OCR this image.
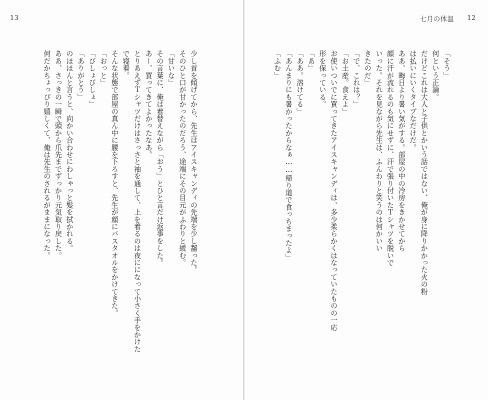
13
少し首を傾げてから、先生はアイスキャンディの先端を少し齧った。
そのひと口が甘かったのだろう、途端にその目元がふわりと緩む。
「甘いな」
その言葉に、俺は着替えながら「おう」とひと言だけ返事をした。
あー、買ってきてよかったなあ。
とりあえずＴシャツだけはさっさと袖を通して、上を着るのは夜にになって小さく手をかけた
で寝着。
そんな状態で部屋の真ん中に腰を下ろすと、先生が顔にバスタオルをかけてきた。
「おっと」
「びしょびしょ」
「ありがとう」
のほほんと言うと、向かい合わせにわしゃっと髪を拭かれる。
ああ、さっきの一瞬で頭から爪先までずっかり元気取り戻した。
何だかちょっぴり嬉しくて、俺は先生のされるがままになった。
七月の体温 12
「そう」
何という正論。
だけどこれは大人と子供とかいう話ではない、俺が身に降りかかった火の粉
は払いにいくタイプなだけだ。
ああ、晦日より暑い気がする。部屋の中の冷房をきかせてから
顔に汗が流れるのも気にせずに、汗で張り付いたＴシャツを脱いで
いった。それを見ながら先生は、ふんわりと笑うのは何かいい
きたのだ」
「で、これは？」
「お土産。食えよ」
お使いついでに買ってきたアイスキャンディは、多少柔らかくはなっていたものの一応
形を保っている。
「あ」
「ああ。溶けてる」
「あんまりにも暑かったからなぁ……帰り道で食っちまったよ」
「ふむ」
